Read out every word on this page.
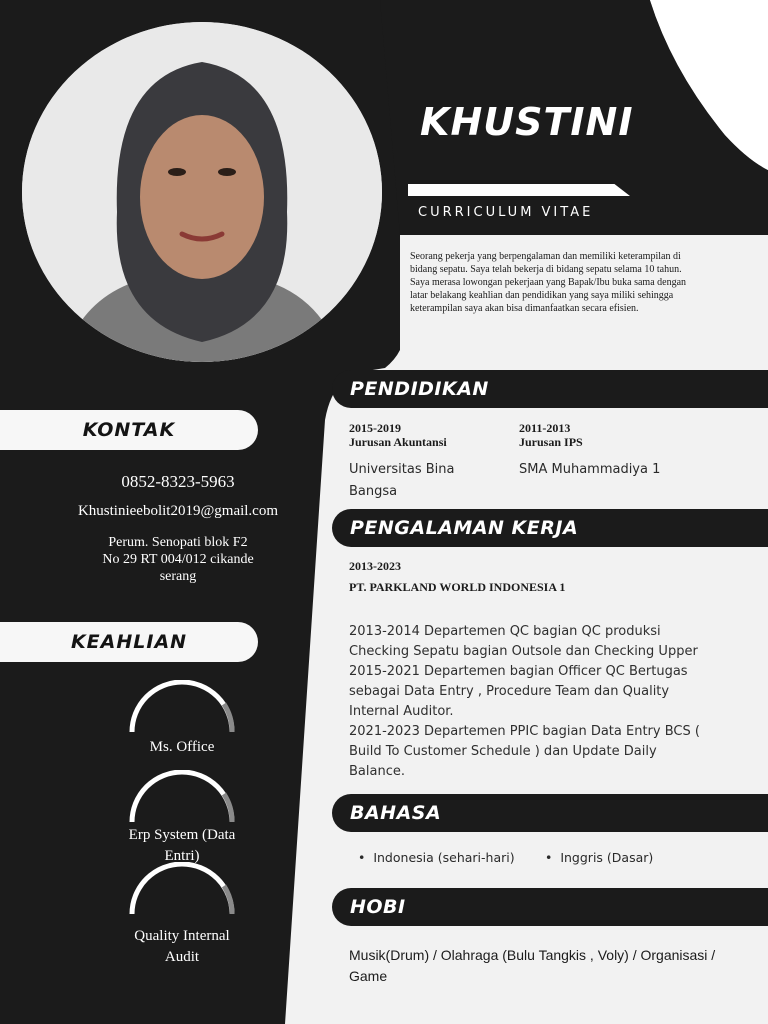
KHUSTINI
CURRICULUM VITAE
Seorang pekerja yang berpengalaman dan memiliki keterampilan di bidang sepatu. Saya telah bekerja di bidang sepatu selama 10 tahun. Saya merasa lowongan pekerjaan yang Bapak/Ibu buka sama dengan latar belakang keahlian dan pendidikan yang saya miliki sehingga keterampilan saya akan bisa dimanfaatkan secara efisien.
KONTAK
0852-8323-5963
Khustinieebolit2019@gmail.com
Perum. Senopati blok F2
No 29 RT 004/012 cikande
serang
KEAHLIAN
Ms. Office
Erp System (Data
Entri)
Quality Internal
Audit
PENDIDIKAN
2015-2019
Jurusan Akuntansi
Universitas Bina
Bangsa
2011-2013
Jurusan IPS
SMA Muhammadiya 1
PENGALAMAN KERJA
2013-2023
PT. PARKLAND WORLD INDONESIA 1
2013-2014 Departemen QC bagian QC produksi
Checking Sepatu bagian Outsole dan Checking Upper
2015-2021 Departemen bagian Officer QC Bertugas
sebagai Data Entry , Procedure Team dan Quality
Internal Auditor.
2021-2023 Departemen PPIC bagian Data Entry BCS (
Build To Customer Schedule ) dan Update Daily
Balance.
BAHASA
•  Indonesia (sehari-hari) •  Inggris (Dasar)
HOBI
Musik(Drum) / Olahraga (Bulu Tangkis , Voly) / Organisasi /
Game
